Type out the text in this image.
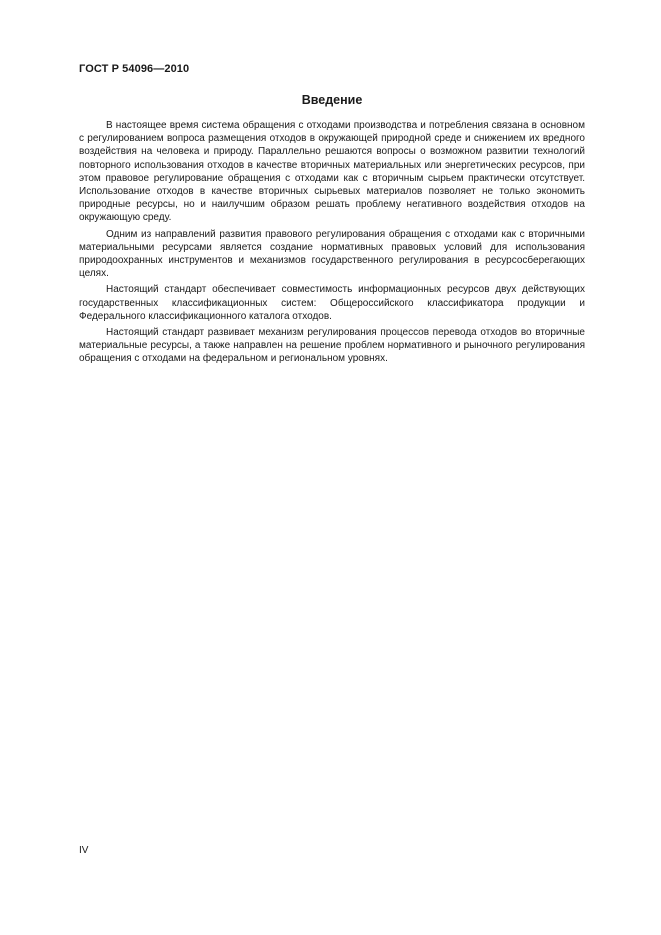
ГОСТ Р 54096—2010
Введение

В настоящее время система обращения с отходами производства и потребления связана в основном с регулированием вопроса размещения отходов в окружающей природной среде и снижением их вредного воздействия на человека и природу. Параллельно решаются вопросы о возможном развитии технологий повторного использования отходов в качестве вторичных материальных или энергетических ресурсов, при этом правовое регулирование обращения с отходами как с вторичным сырьем практически отсутствует. Использование отходов в качестве вторичных сырьевых материалов позволяет не только экономить природные ресурсы, но и наилучшим образом решать проблему негативного воздействия отходов на окружающую среду.

Одним из направлений развития правового регулирования обращения с отходами как с вторичными материальными ресурсами является создание нормативных правовых условий для использования природоохранных инструментов и механизмов государственного регулирования в ресурсосберегающих целях.

Настоящий стандарт обеспечивает совместимость информационных ресурсов двух действующих государственных классификационных систем: Общероссийского классификатора продукции и Федерального классификационного каталога отходов.

Настоящий стандарт развивает механизм регулирования процессов перевода отходов во вторичные материальные ресурсы, а также направлен на решение проблем нормативного и рыночного регулирования обращения с отходами на федеральном и региональном уровнях.

IV
